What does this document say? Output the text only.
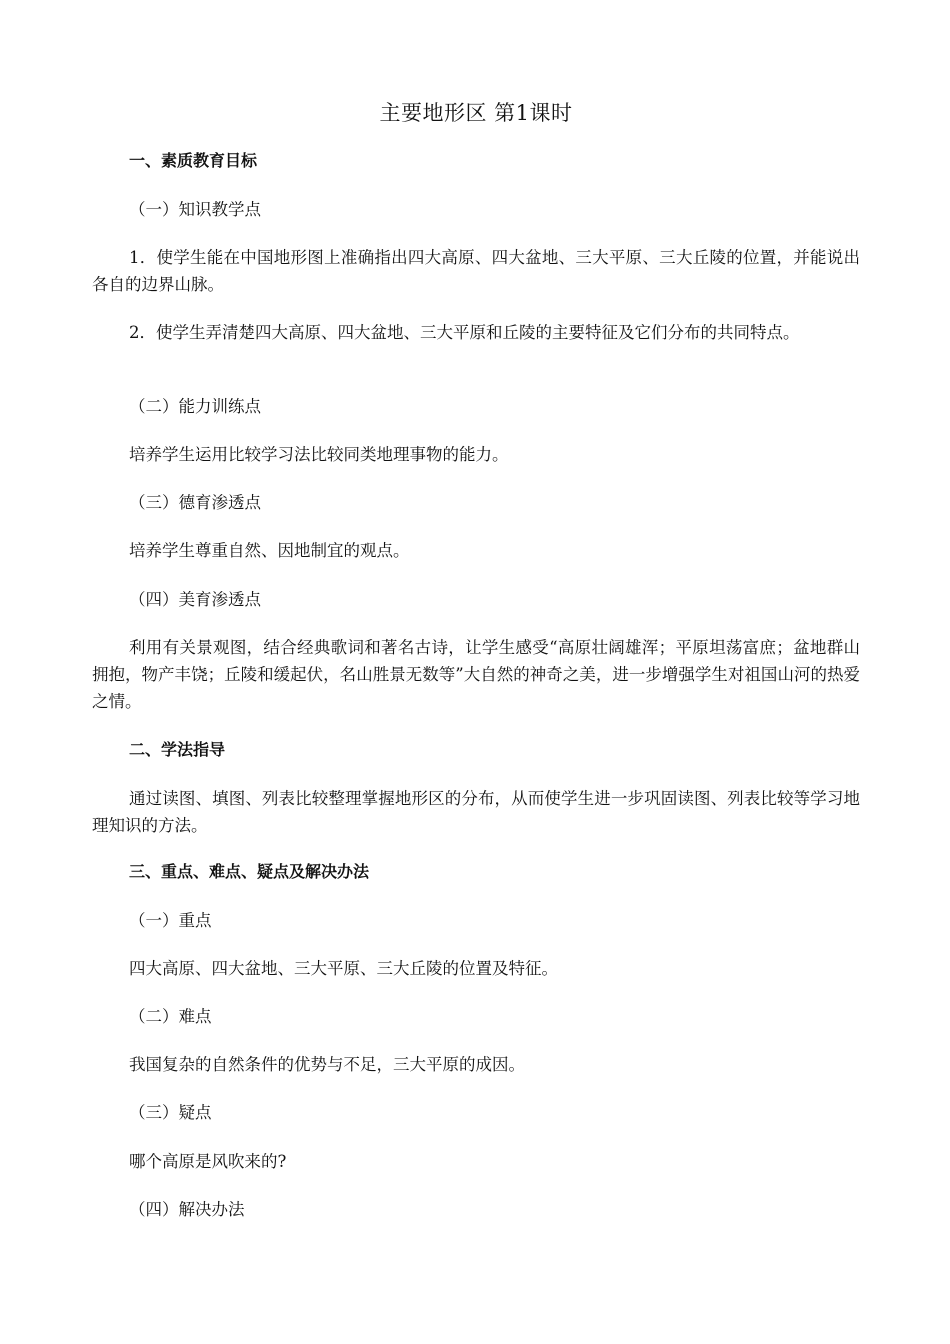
主要地形区 第1课时

一、素质教育目标

（一）知识教学点

1．使学生能在中国地形图上准确指出四大高原、四大盆地、三大平原、三大丘陵的位置，并能说出各自的边界山脉。

2．使学生弄清楚四大高原、四大盆地、三大平原和丘陵的主要特征及它们分布的共同特点。

（二）能力训练点

培养学生运用比较学习法比较同类地理事物的能力。

（三）德育渗透点

培养学生尊重自然、因地制宜的观点。

（四）美育渗透点

利用有关景观图，结合经典歌词和著名古诗，让学生感受“高原壮阔雄浑；平原坦荡富庶；盆地群山拥抱，物产丰饶；丘陵和缓起伏，名山胜景无数等”大自然的神奇之美，进一步增强学生对祖国山河的热爱之情。

二、学法指导

通过读图、填图、列表比较整理掌握地形区的分布，从而使学生进一步巩固读图、列表比较等学习地理知识的方法。

三、重点、难点、疑点及解决办法

（一）重点

四大高原、四大盆地、三大平原、三大丘陵的位置及特征。

（二）难点

我国复杂的自然条件的优势与不足，三大平原的成因。

（三）疑点

哪个高原是风吹来的?

（四）解决办法
